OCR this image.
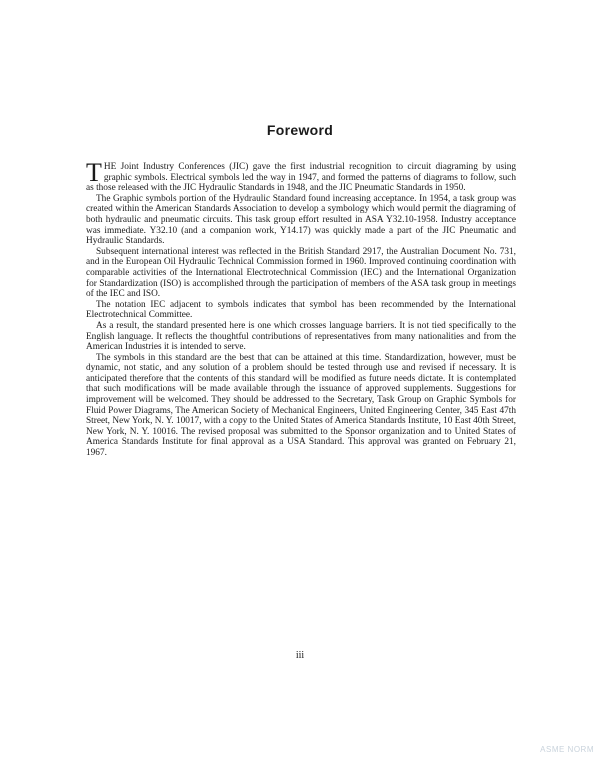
Foreword

THE Joint Industry Conferences (JIC) gave the first industrial recognition to circuit diagraming by using graphic symbols. Electrical symbols led the way in 1947, and formed the patterns of diagrams to follow, such as those released with the JIC Hydraulic Standards in 1948, and the JIC Pneumatic Standards in 1950.

The Graphic symbols portion of the Hydraulic Standard found increasing acceptance. In 1954, a task group was created within the American Standards Association to develop a symbology which would permit the diagraming of both hydraulic and pneumatic circuits. This task group effort resulted in ASA Y32.10-1958. Industry acceptance was immediate. Y32.10 (and a companion work, Y14.17) was quickly made a part of the JIC Pneumatic and Hydraulic Standards.

Subsequent international interest was reflected in the British Standard 2917, the Australian Document No. 731, and in the European Oil Hydraulic Technical Commission formed in 1960. Improved continuing coordination with comparable activities of the International Electrotechnical Commission (IEC) and the International Organization for Standardization (ISO) is accomplished through the participation of members of the ASA task group in meetings of the IEC and ISO.

The notation IEC adjacent to symbols indicates that symbol has been recommended by the International Electrotechnical Committee.

As a result, the standard presented here is one which crosses language barriers. It is not tied specifically to the English language. It reflects the thoughtful contributions of representatives from many nationalities and from the American Industries it is intended to serve.

The symbols in this standard are the best that can be attained at this time. Standardization, however, must be dynamic, not static, and any solution of a problem should be tested through use and revised if necessary. It is anticipated therefore that the contents of this standard will be modified as future needs dictate. It is contemplated that such modifications will be made available through the issuance of approved supplements. Suggestions for improvement will be welcomed. They should be addressed to the Secretary, Task Group on Graphic Symbols for Fluid Power Diagrams, The American Society of Mechanical Engineers, United Engineering Center, 345 East 47th Street, New York, N. Y. 10017, with a copy to the United States of America Standards Institute, 10 East 40th Street, New York, N. Y. 10016. The revised proposal was submitted to the Sponsor organization and to United States of America Standards Institute for final approval as a USA Standard. This approval was granted on February 21, 1967.

iii
ASME NORM
